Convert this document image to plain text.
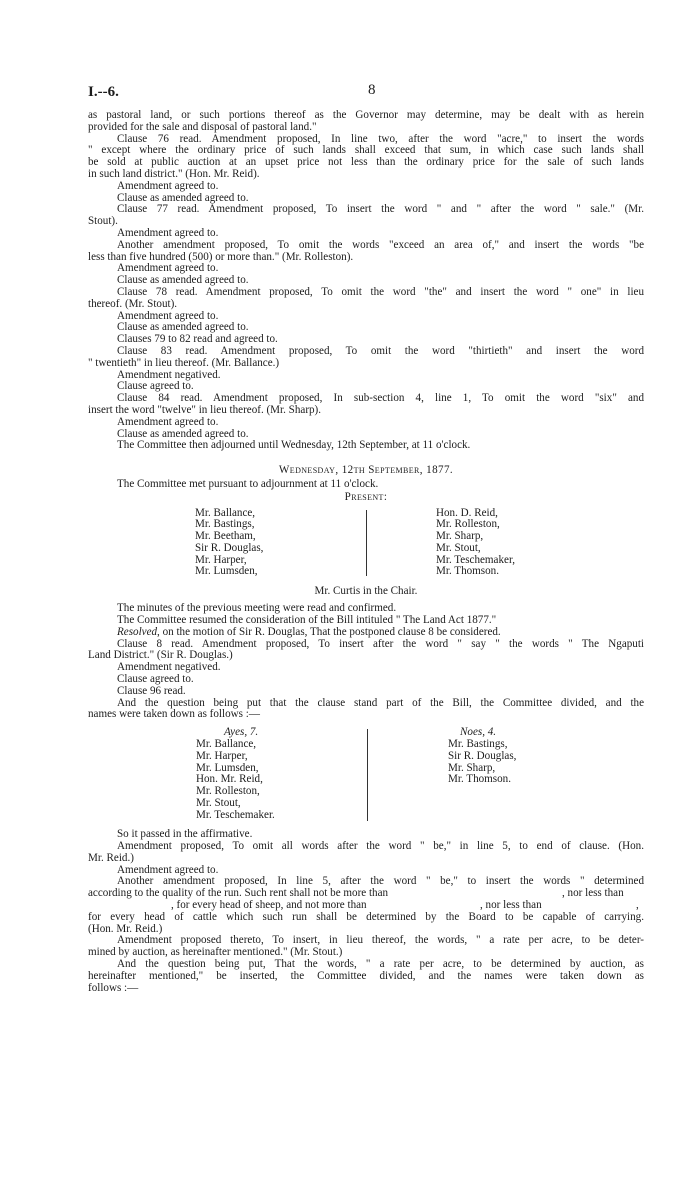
I.--6.	8

as pastoral land, or such portions thereof as the Governor may determine, may be dealt with as herein

provided for the sale and disposal of pastoral land."

Clause 76 read. Amendment proposed, In line two, after the word "acre," to insert the words

" except where the ordinary price of such lands shall exceed that sum, in which case such lands shall

be sold at public auction at an upset price not less than the ordinary price for the sale of such lands

in such land district." (Hon. Mr. Reid).

Amendment agreed to.

Clause as amended agreed to.

Clause 77 read. Amendment proposed, To insert the word " and " after the word " sale." (Mr.

Stout).

Amendment agreed to.

Another amendment proposed, To omit the words "exceed an area of," and insert the words "be

less than five hundred (500) or more than." (Mr. Rolleston).

Amendment agreed to.

Clause as amended agreed to.

Clause 78 read. Amendment proposed, To omit the word "the" and insert the word " one" in lieu

thereof. (Mr. Stout).

Amendment agreed to.

Clause as amended agreed to.

Clauses 79 to 82 read and agreed to.

Clause 83 read. Amendment proposed, To omit the word "thirtieth" and insert the word

" twentieth" in lieu thereof. (Mr. Ballance.)

Amendment negatived.

Clause agreed to.

Clause 84 read. Amendment proposed, In sub-section 4, line 1, To omit the word "six" and

insert the word "twelve" in lieu thereof. (Mr. Sharp).

Amendment agreed to.

Clause as amended agreed to.

The Committee then adjourned until Wednesday, 12th September, at 11 o'clock.

Wednesday, 12th September, 1877.

The Committee met pursuant to adjournment at 11 o'clock.

Present:

Mr. Ballance,

Mr. Bastings,

Mr. Beetham,

Sir R. Douglas,

Mr. Harper,

Mr. Lumsden,

Hon. D. Reid,

Mr. Rolleston,

Mr. Sharp,

Mr. Stout,

Mr. Teschemaker,

Mr. Thomson.

Mr. Curtis in the Chair.

The minutes of the previous meeting were read and confirmed.

The Committee resumed the consideration of the Bill intituled " The Land Act 1877."

Resolved, on the motion of Sir R. Douglas, That the postponed clause 8 be considered.

Clause 8 read. Amendment proposed, To insert after the word " say " the words " The Ngaputi

Land District." (Sir R. Douglas.)

Amendment negatived.

Clause agreed to.

Clause 96 read.

And the question being put that the clause stand part of the Bill, the Committee divided, and the

names were taken down as follows :—

Ayes, 7.

Mr. Ballance,

Mr. Harper,

Mr. Lumsden,

Hon. Mr. Reid,

Mr. Rolleston,

Mr. Stout,

Mr. Teschemaker.

Noes, 4.

Mr. Bastings,

Sir R. Douglas,

Mr. Sharp,

Mr. Thomson.

So it passed in the affirmative.

Amendment proposed, To omit all words after the word " be," in line 5, to end of clause. (Hon.

Mr. Reid.)

Amendment agreed to.

Another amendment proposed, In line 5, after the word " be," to insert the words " determined

according to the quality of the run. Such rent shall not be more than	, nor less than

, for every head of sheep, and not more than	, nor less than	,

for every head of cattle which such run shall be determined by the Board to be capable of carrying.

(Hon. Mr. Reid.)

Amendment proposed thereto, To insert, in lieu thereof, the words, " a rate per acre, to be deter-

mined by auction, as hereinafter mentioned." (Mr. Stout.)

And the question being put, That the words, " a rate per acre, to be determined by auction, as

hereinafter mentioned," be inserted, the Committee divided, and the names were taken down as

follows :—
